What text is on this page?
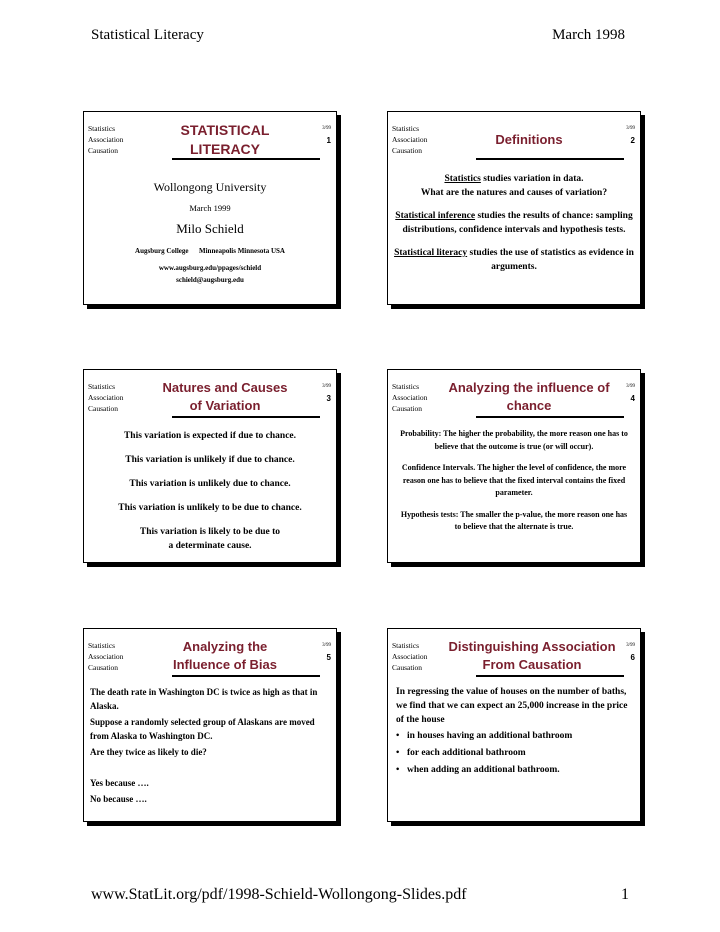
Statistical Literacy	March 1998
Statistics
Association
Causation
3/99
1
STATISTICAL
LITERACY

Wollongong University

March 1999

Milo Schield

Augsburg College Minneapolis Minnesota USA

www.augsburg.edu/ppages/schield

schield@augsburg.edu

Statistics
Association
Causation
3/99
2
Definitions

Statistics studies variation in data.

What are the natures and causes of variation?

Statistical inference studies the results of chance: sampling distributions, confidence intervals and hypothesis tests.

Statistical literacy studies the use of statistics as evidence in arguments.

Statistics
Association
Causation
3/99
3
Natures and Causes
of Variation

This variation is expected if due to chance.

This variation is unlikely if due to chance.

This variation is unlikely due to chance.

This variation is unlikely to be due to chance.

This variation is likely to be due to

a determinate cause.

Statistics
Association
Causation
3/99
4
Analyzing the influence of
chance

Probability: The higher the probability, the more reason one has to believe that the outcome is true (or will occur).

Confidence Intervals. The higher the level of confidence, the more reason one has to believe that the fixed interval contains the fixed parameter.

Hypothesis tests: The smaller the p-value, the more reason one has to believe that the alternate is true.

Statistics
Association
Causation
3/99
5
Analyzing the
Influence of Bias

The death rate in Washington DC is twice as high as that in Alaska.

Suppose a randomly selected group of Alaskans are moved from Alaska to Washington DC.

Are they twice as likely to die?

Yes because ….

No because ….

Statistics
Association
Causation
3/99
6
Distinguishing Association
From Causation

In regressing the value of houses on the number of baths, we find that we can expect an 25,000 increase in the price of the house

• in houses having an additional bathroom
• for each additional bathroom
• when adding an additional bathroom.
www.StatLit.org/pdf/1998-Schield-Wollongong-Slides.pdf	1
